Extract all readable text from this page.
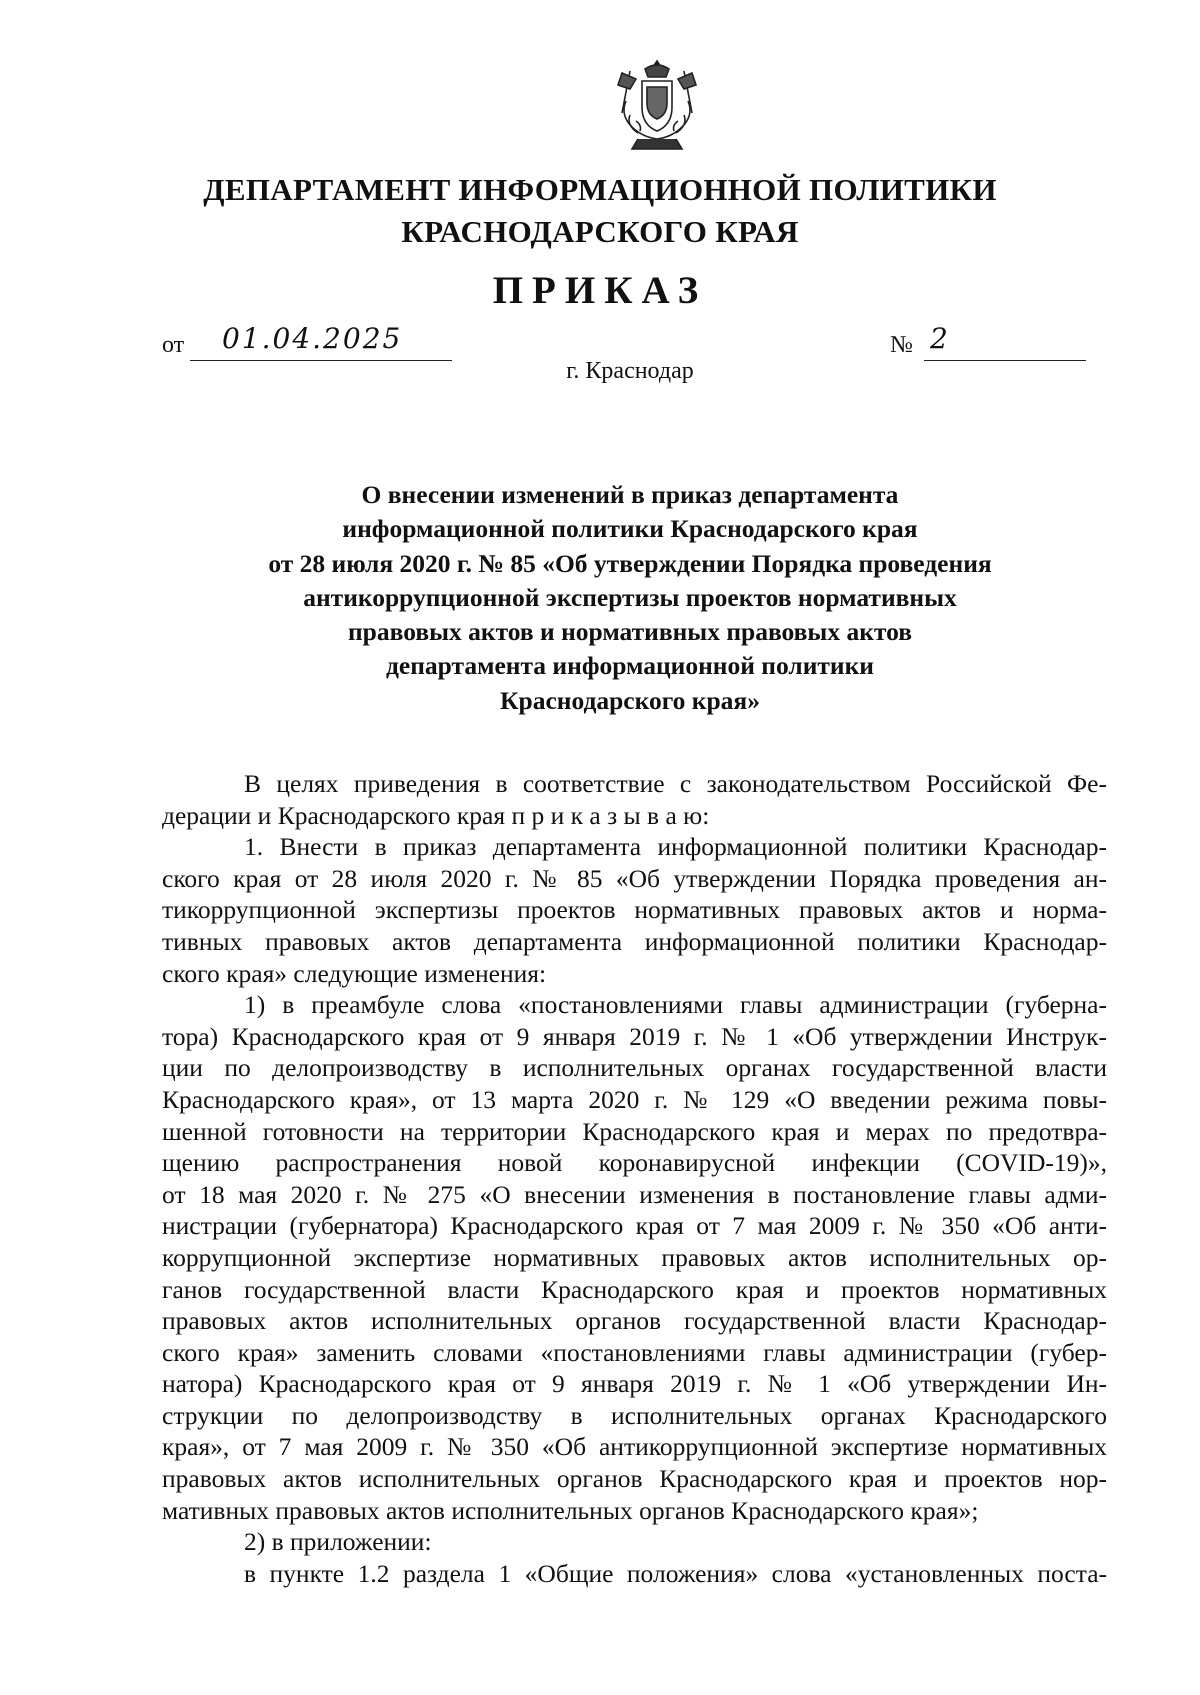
ДЕПАРТАМЕНТ ИНФОРМАЦИОННОЙ ПОЛИТИКИ
КРАСНОДАРСКОГО КРАЯ
ПРИКАЗ
от 01.04.2025	№ 2
г. Краснодар
О внесении изменений в приказ департамента
информационной политики Краснодарского края
от 28 июля 2020 г. № 85 «Об утверждении Порядка проведения
антикоррупционной экспертизы проектов нормативных
правовых актов и нормативных правовых актов
департамента информационной политики
Краснодарского края»
В целях приведения в соответствие с законодательством Российской Фе-
дерации и Краснодарского края п р и к а з ы в а ю:
1. Внести в приказ департамента информационной политики Краснодар-
ского края от 28 июля 2020 г. № 85 «Об утверждении Порядка проведения ан-
тикоррупционной экспертизы проектов нормативных правовых актов и норма-
тивных правовых актов департамента информационной политики Краснодар-
ского края» следующие изменения:
1) в преамбуле слова «постановлениями главы администрации (губерна-
тора) Краснодарского края от 9 января 2019 г. № 1 «Об утверждении Инструк-
ции по делопроизводству в исполнительных органах государственной власти
Краснодарского края», от 13 марта 2020 г. № 129 «О введении режима повы-
шенной готовности на территории Краснодарского края и мерах по предотвра-
щению распространения новой коронавирусной инфекции (COVID-19)»,
от 18 мая 2020 г. № 275 «О внесении изменения в постановление главы адми-
нистрации (губернатора) Краснодарского края от 7 мая 2009 г. № 350 «Об анти-
коррупционной экспертизе нормативных правовых актов исполнительных ор-
ганов государственной власти Краснодарского края и проектов нормативных
правовых актов исполнительных органов государственной власти Краснодар-
ского края» заменить словами «постановлениями главы администрации (губер-
натора) Краснодарского края от 9 января 2019 г. № 1 «Об утверждении Ин-
струкции по делопроизводству в исполнительных органах Краснодарского
края», от 7 мая 2009 г. № 350 «Об антикоррупционной экспертизе нормативных
правовых актов исполнительных органов Краснодарского края и проектов нор-
мативных правовых актов исполнительных органов Краснодарского края»;
2) в приложении:
в пункте 1.2 раздела 1 «Общие положения» слова «установленных поста-
